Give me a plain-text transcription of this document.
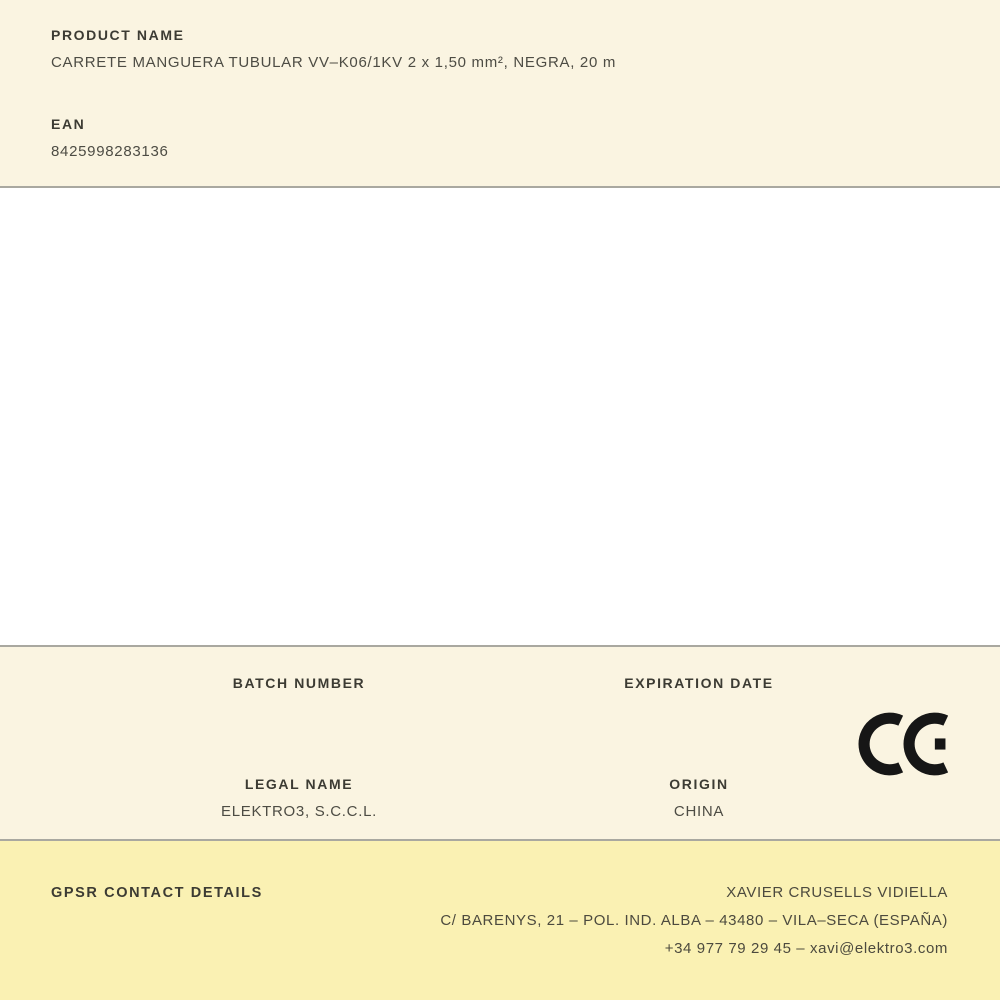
PRODUCT NAME
CARRETE MANGUERA TUBULAR VV–K06/1KV 2 x 1,50 mm², NEGRA, 20 m
EAN
8425998283136
BATCH NUMBER	EXPIRATION DATE
LEGAL NAME
ELEKTRO3, S.C.C.L.
ORIGIN
CHINA
GPSR CONTACT DETAILS	XAVIER CRUSELLS VIDIELLA
C/ BARENYS, 21 – POL. IND. ALBA – 43480 – VILA–SECA (ESPAÑA)
+34 977 79 29 45 – xavi@elektro3.com
